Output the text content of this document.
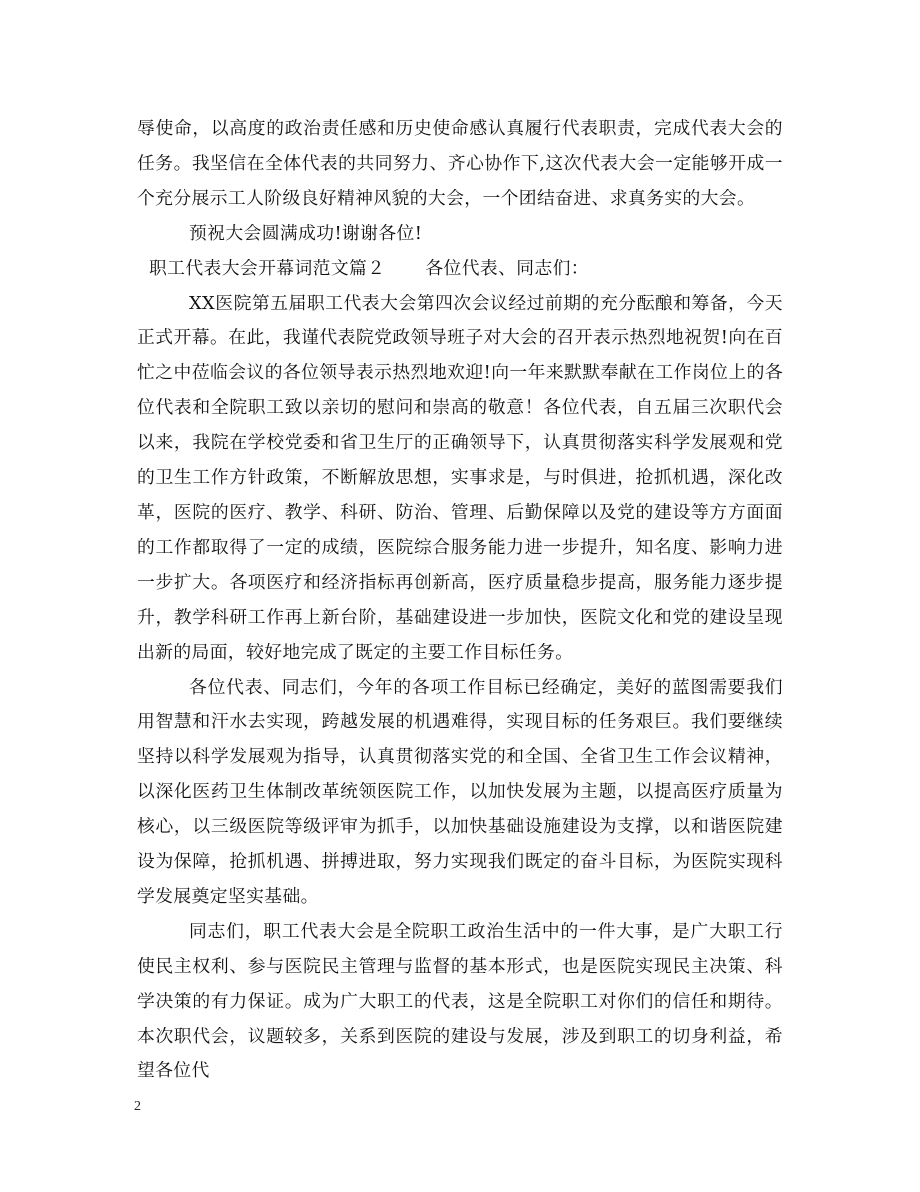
辱使命，以高度的政治责任感和历史使命感认真履行代表职责，完成代表大会的任务。我坚信在全体代表的共同努力、齐心协作下,这次代表大会一定能够开成一个充分展示工人阶级良好精神风貌的大会，一个团结奋进、求真务实的大会。

预祝大会圆满成功!谢谢各位!

职工代表大会开幕词范文篇２ 各位代表、同志们：

XX医院第五届职工代表大会第四次会议经过前期的充分酝酿和筹备，今天正式开幕。在此，我谨代表院党政领导班子对大会的召开表示热烈地祝贺!向在百忙之中莅临会议的各位领导表示热烈地欢迎!向一年来默默奉献在工作岗位上的各位代表和全院职工致以亲切的慰问和崇高的敬意！各位代表，自五届三次职代会以来，我院在学校党委和省卫生厅的正确领导下，认真贯彻落实科学发展观和党的卫生工作方针政策，不断解放思想，实事求是，与时俱进，抢抓机遇，深化改革，医院的医疗、教学、科研、防治、管理、后勤保障以及党的建设等方方面面的工作都取得了一定的成绩，医院综合服务能力进一步提升，知名度、影响力进一步扩大。各项医疗和经济指标再创新高，医疗质量稳步提高，服务能力逐步提升，教学科研工作再上新台阶，基础建设进一步加快，医院文化和党的建设呈现出新的局面，较好地完成了既定的主要工作目标任务。

各位代表、同志们，今年的各项工作目标已经确定，美好的蓝图需要我们用智慧和汗水去实现，跨越发展的机遇难得，实现目标的任务艰巨。我们要继续坚持以科学发展观为指导，认真贯彻落实党的和全国、全省卫生工作会议精神，以深化医药卫生体制改革统领医院工作，以加快发展为主题，以提高医疗质量为核心，以三级医院等级评审为抓手，以加快基础设施建设为支撑，以和谐医院建设为保障，抢抓机遇、拼搏进取，努力实现我们既定的奋斗目标，为医院实现科学发展奠定坚实基础。

同志们，职工代表大会是全院职工政治生活中的一件大事，是广大职工行使民主权利、参与医院民主管理与监督的基本形式，也是医院实现民主决策、科学决策的有力保证。成为广大职工的代表，这是全院职工对你们的信任和期待。本次职代会，议题较多，关系到医院的建设与发展，涉及到职工的切身利益，希望各位代

2
